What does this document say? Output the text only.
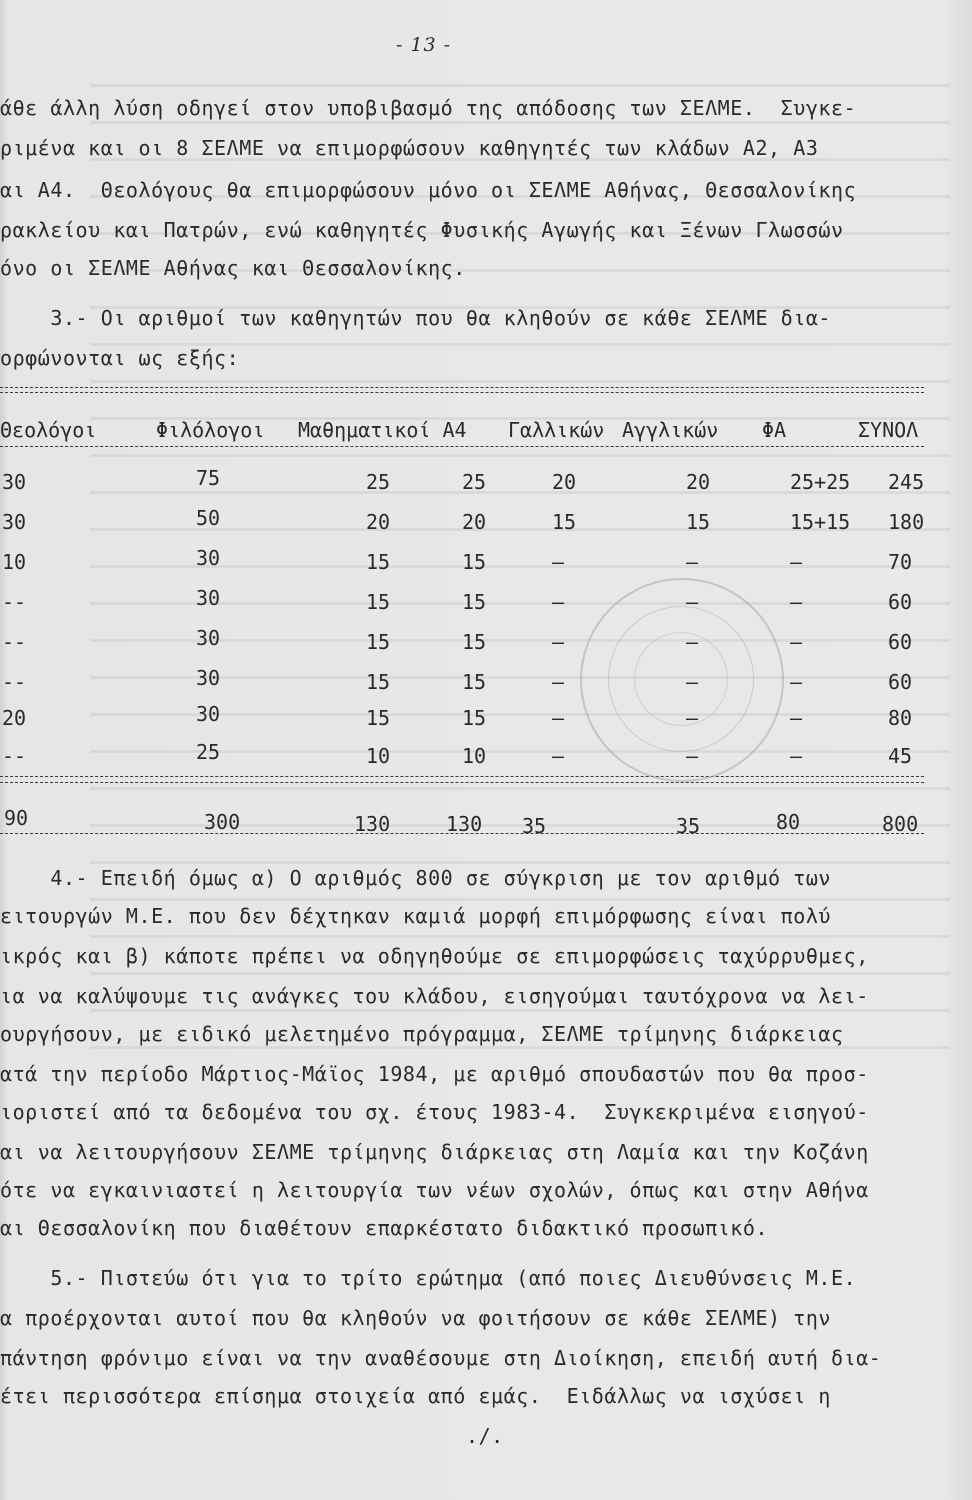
- 13 -
άθε άλλη λύση οδηγεί στον υποβιβασμό της απόδοσης των ΣΕΛΜΕ.  Συγκε-
ριμένα και οι 8 ΣΕΛΜΕ να επιμορφώσουν καθηγητές των κλάδων Α2, Α3
αι Α4.  Θεολόγους θα επιμορφώσουν μόνο οι ΣΕΛΜΕ Αθήνας, Θεσσαλονίκης
ρακλείου και Πατρών, ενώ καθηγητές Φυσικής Αγωγής και Ξένων Γλωσσών
όνο οι ΣΕΛΜΕ Αθήνας και Θεσσαλονίκης.
3.- Οι αριθμοί των καθηγητών που θα κληθούν σε κάθε ΣΕΛΜΕ δια-
ορφώνονται ως εξής:
Θεολόγοι	Φιλόλογοι Μαθηματικοί Α4 Γαλλικών Αγγλικών ΦΑ	ΣΥΝΟΛ
30	75	25	25	20	20	25+25 245
30	50	20	20	15	15	15+15 180
10	30	15	15	–	–	–	70
--	30	15	15	–	–	–	60
--	30	15	15	–	–	–	60
--	30	15	15	–	–	–	60
20	30	15	15	–	–	–	80
--	25	10	10	–	–	–	45
90	300	130	130 35	35	80	800
4.- Επειδή όμως α) Ο αριθμός 800 σε σύγκριση με τον αριθμό των
ειτουργών Μ.Ε. που δεν δέχτηκαν καμιά μορφή επιμόρφωσης είναι πολύ
ικρός και β) κάποτε πρέπει να οδηγηθούμε σε επιμορφώσεις ταχύρρυθμες,
ια να καλύψουμε τις ανάγκες του κλάδου, εισηγούμαι ταυτόχρονα να λει-
ουργήσουν, με ειδικό μελετημένο πρόγραμμα, ΣΕΛΜΕ τρίμηνης διάρκειας
ατά την περίοδο Μάρτιος-Μάϊος 1984, με αριθμό σπουδαστών που θα προσ-
ιοριστεί από τα δεδομένα του σχ. έτους 1983-4.  Συγκεκριμένα εισηγού-
αι να λειτουργήσουν ΣΕΛΜΕ τρίμηνης διάρκειας στη Λαμία και την Κοζάνη
ότε να εγκαινιαστεί η λειτουργία των νέων σχολών, όπως και στην Αθήνα
αι Θεσσαλονίκη που διαθέτουν επαρκέστατο διδακτικό προσωπικό.
5.- Πιστεύω ότι για το τρίτο ερώτημα (από ποιες Διευθύνσεις Μ.Ε.
α προέρχονται αυτοί που θα κληθούν να φοιτήσουν σε κάθε ΣΕΛΜΕ) την
πάντηση φρόνιμο είναι να την αναθέσουμε στη Διοίκηση, επειδή αυτή δια-
έτει περισσότερα επίσημα στοιχεία από εμάς.  Ειδάλλως να ισχύσει η
./.
